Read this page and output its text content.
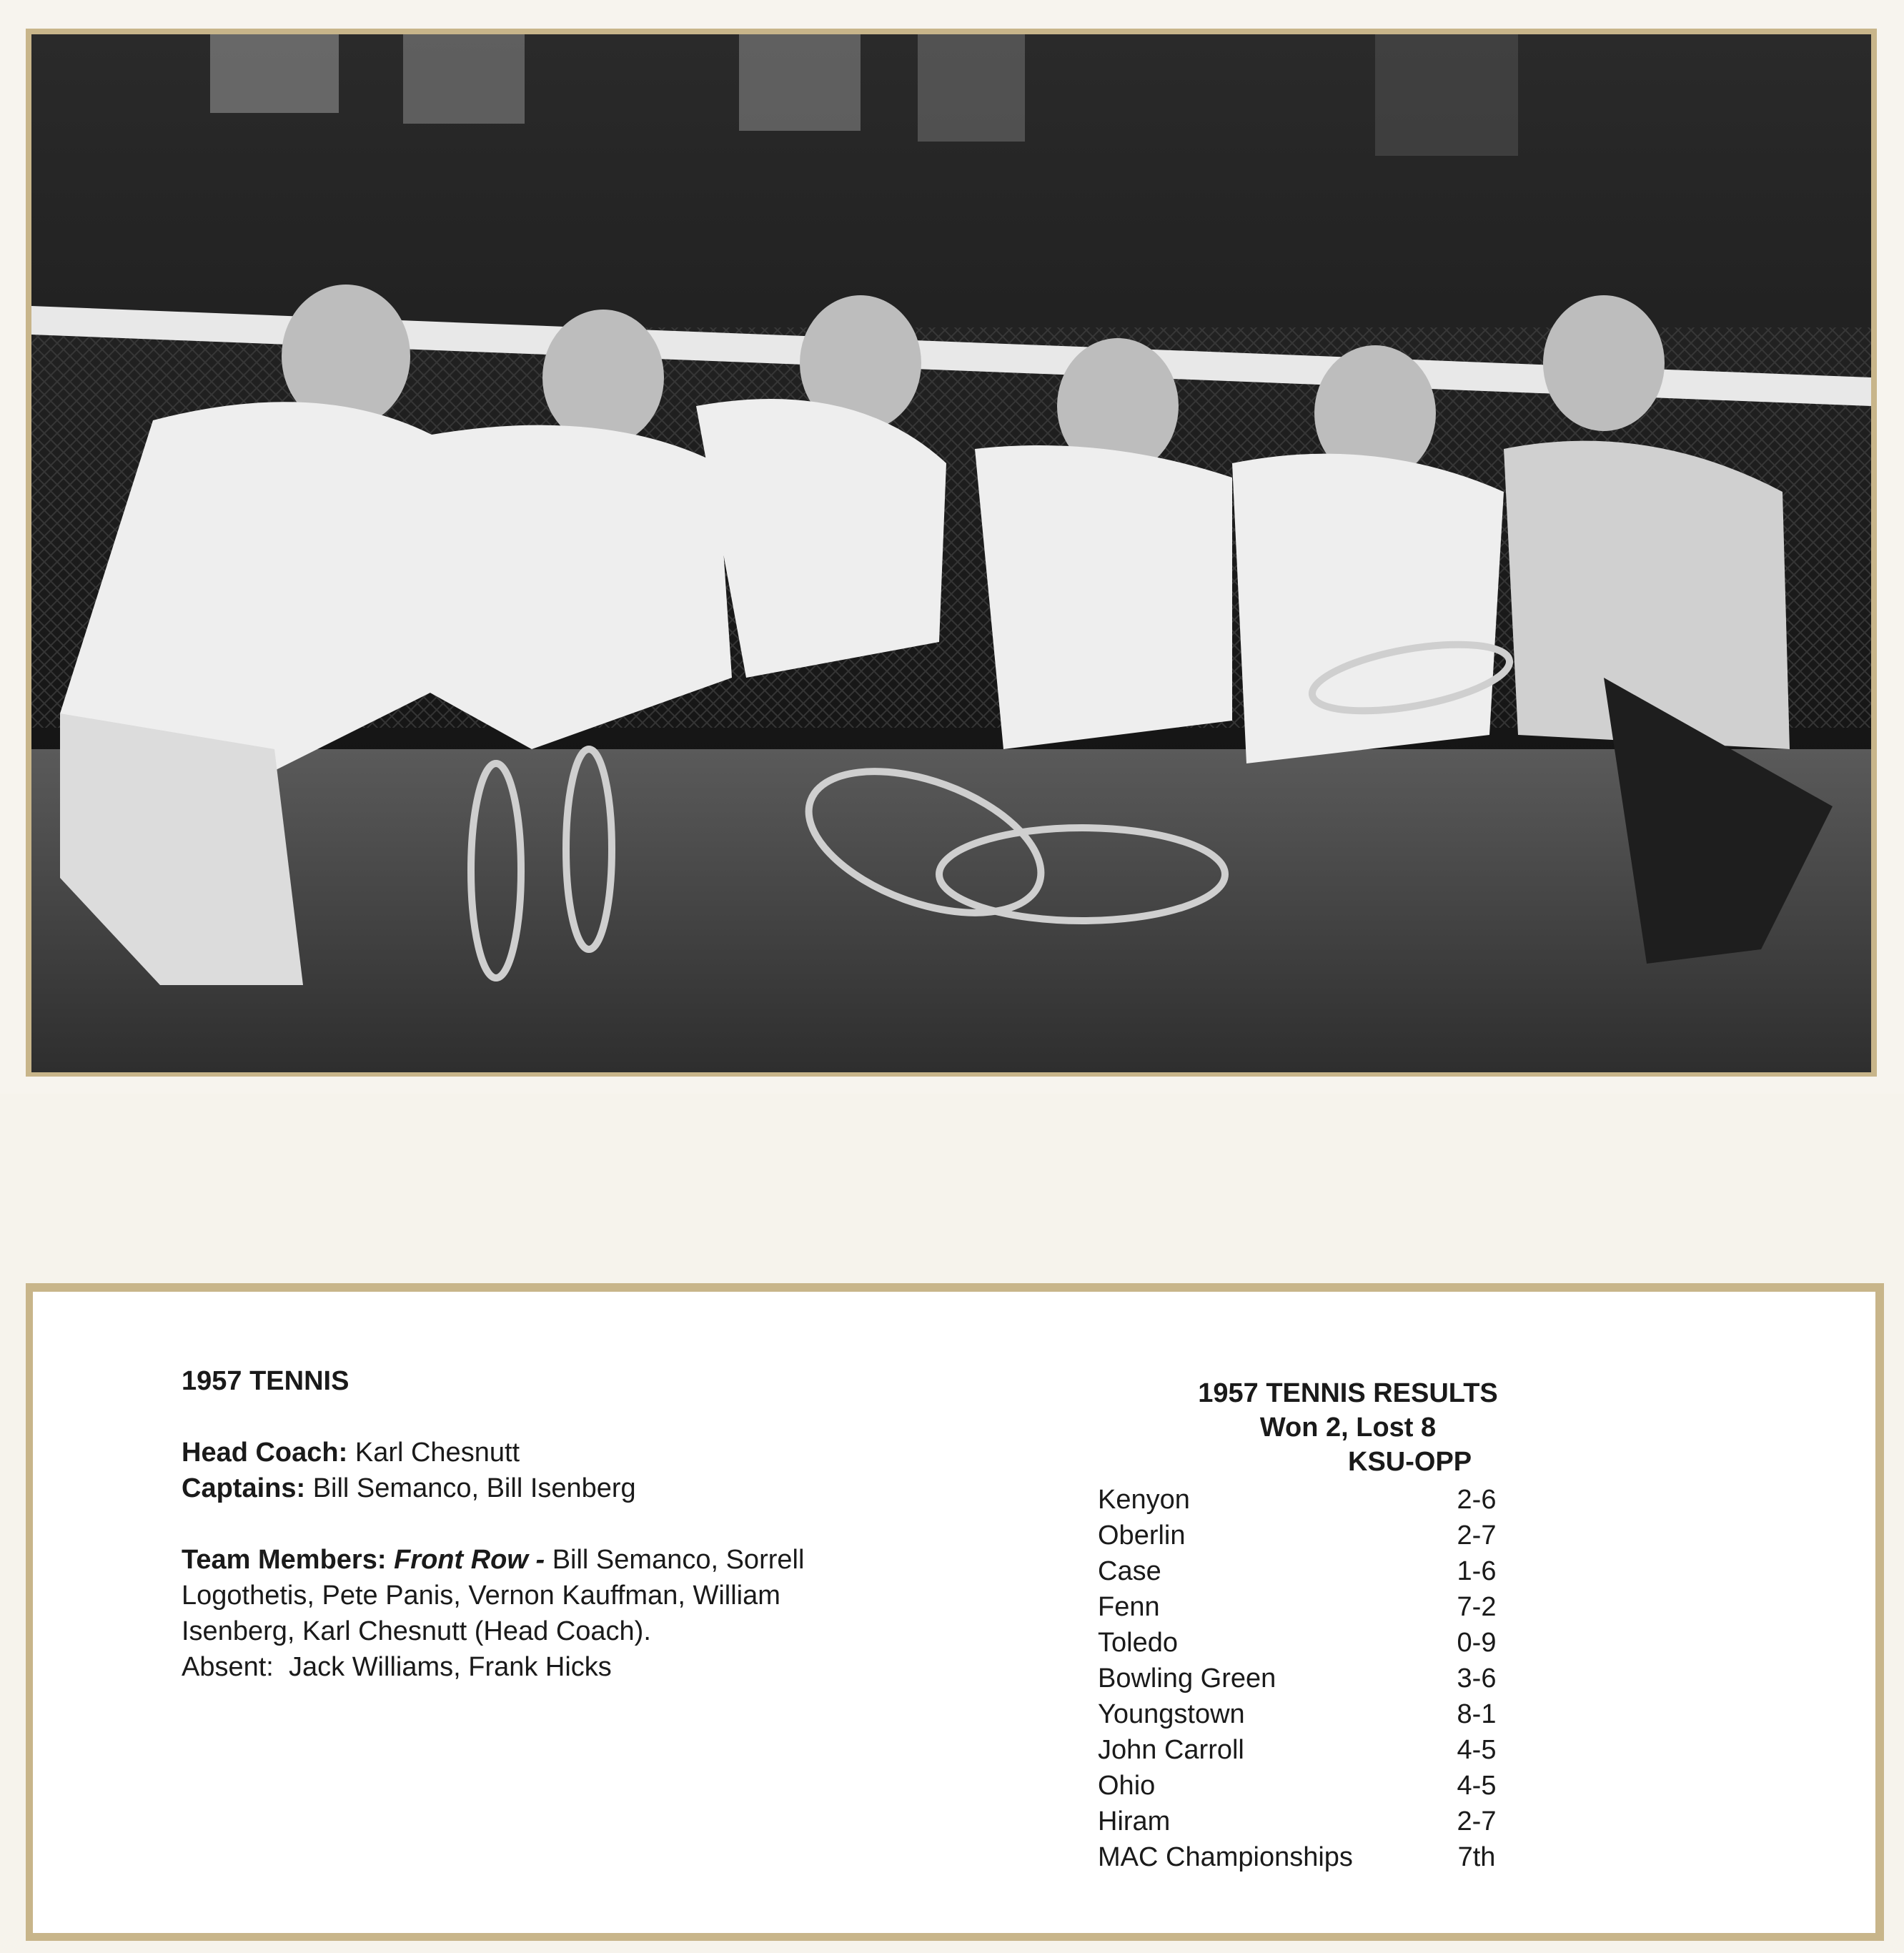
1957 TENNIS
Head Coach: Karl Chesnutt
Captains: Bill Semanco, Bill Isenberg
Team Members: Front Row - Bill Semanco, Sorrell
Logothetis, Pete Panis, Vernon Kauffman, William
Isenberg, Karl Chesnutt (Head Coach).
Absent: Jack Williams, Frank Hicks
1957 TENNIS RESULTS
Won 2, Lost 8
KSU-OPP
Kenyon	2-6
Oberlin	2-7
Case	1-6
Fenn	7-2
Toledo	0-9
Bowling Green	3-6
Youngstown	8-1
John Carroll	4-5
Ohio	4-5
Hiram	2-7
MAC Championships	7th
